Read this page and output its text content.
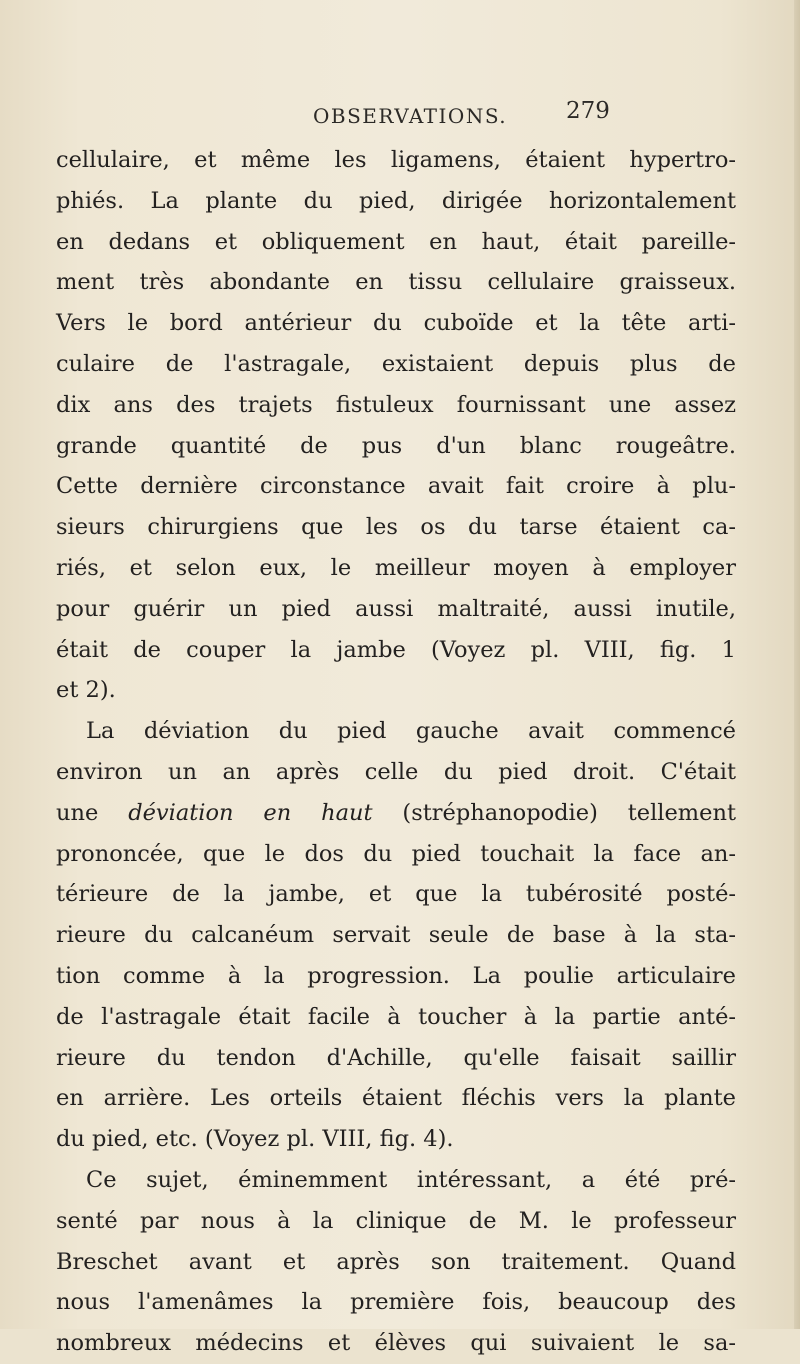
OBSERVATIONS.	279
cellulaire, et même les ligamens, étaient hypertro-
phiés. La plante du pied, dirigée horizontalement
en dedans et obliquement en haut, était pareille-
ment très abondante en tissu cellulaire graisseux.
Vers le bord antérieur du cuboïde et la tête arti-
culaire de l'astragale, existaient depuis plus de
dix ans des trajets fistuleux fournissant une assez
grande quantité de pus d'un blanc rougeâtre.
Cette dernière circonstance avait fait croire à plu-
sieurs chirurgiens que les os du tarse étaient ca-
riés, et selon eux, le meilleur moyen à employer
pour guérir un pied aussi maltraité, aussi inutile,
était de couper la jambe (Voyez pl. VIII, fig. 1
et 2).
La déviation du pied gauche avait commencé
environ un an après celle du pied droit. C'était
une déviation en haut (stréphanopodie) tellement
prononcée, que le dos du pied touchait la face an-
térieure de la jambe, et que la tubérosité posté-
rieure du calcanéum servait seule de base à la sta-
tion comme à la progression. La poulie articulaire
de l'astragale était facile à toucher à la partie anté-
rieure du tendon d'Achille, qu'elle faisait saillir
en arrière. Les orteils étaient fléchis vers la plante
du pied, etc. (Voyez pl. VIII, fig. 4).
Ce sujet, éminemment intéressant, a été pré-
senté par nous à la clinique de M. le professeur
Breschet avant et après son traitement. Quand
nous l'amenâmes la première fois, beaucoup des
nombreux médecins et élèves qui suivaient le sa-
